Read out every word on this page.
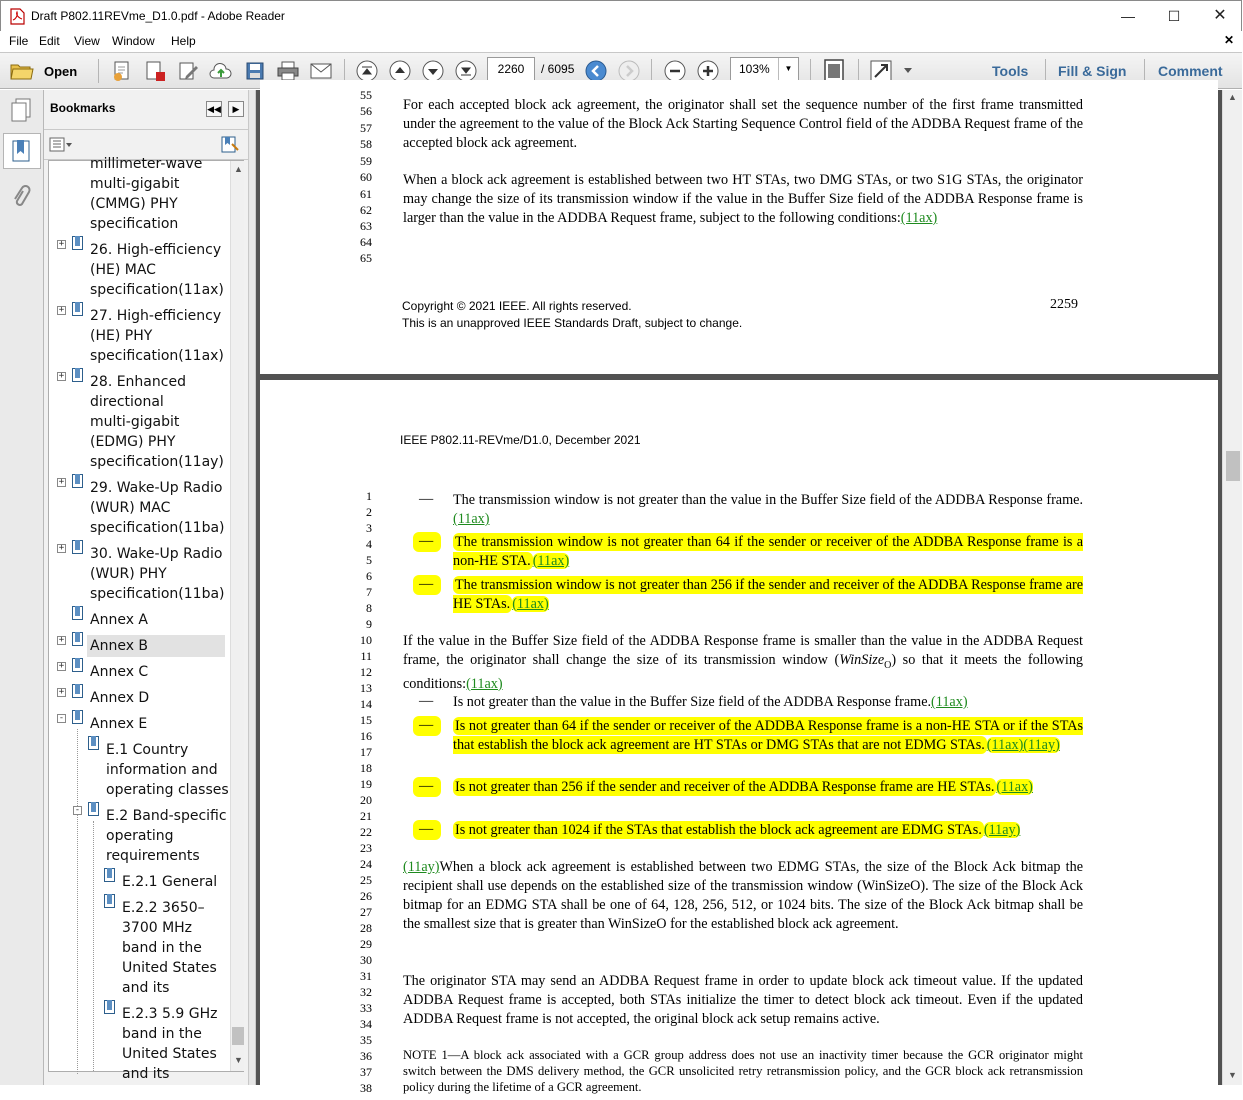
Draft P802.11REVme_D1.0.pdf - Adobe Reader	—	☐	✕
File Edit View Window Help	✕
Open	Tools Fill & Sign Comment
2260	/ 6095	103%	▼
Bookmarks	◀◀	▶
millimeter-wave
multi-gigabit
(CMMG) PHY
specification
+ 26. High-efficiency
(HE) MAC
specification(11ax)
+ 27. High-efficiency
(HE) PHY
specification(11ax)
+ 28. Enhanced
directional
multi-gigabit
(EDMG) PHY
specification(11ay)
+ 29. Wake-Up Radio
(WUR) MAC
specification(11ba)
+ 30. Wake-Up Radio
(WUR) PHY
specification(11ba)
Annex A
+ Annex B
+ Annex C
+ Annex D
- Annex E
E.1 Country
information and
operating classes
- E.2 Band-specific
operating
requirements
E.2.1 General
E.2.2 3650–
3700 MHz
band in the
United States
and its
E.2.3 5.9 GHz
band in the
United States
and its
▲
▼
55
56
57
58
59
60
61
62
63
64
65
For each accepted block ack agreement, the originator shall set the sequence number of the first frame transmitted under the agreement to the value of the Block Ack Starting Sequence Control field of the ADDBA Request frame of the accepted block ack agreement.
When a block ack agreement is established between two HT STAs, two DMG STAs, or two S1G STAs, the originator may change the size of its transmission window if the value in the Buffer Size field of the ADDBA Response frame is larger than the value in the ADDBA Request frame, subject to the following conditions:(11ax)
Copyright © 2021 IEEE. All rights reserved.
This is an unapproved IEEE Standards Draft, subject to change.
2259
IEEE P802.11-REVme/D1.0, December 2021
1
2
3
4
5
6
7
8
9
10
11
12
13
14
15
16
17
18
19
20
21
22
23
24
25
26
27
28
29
30
31
32
33
34
35
36
37
38
— The transmission window is not greater than the value in the Buffer Size field of the ADDBA Response frame.(11ax)
— The transmission window is not greater than 64 if the sender or receiver of the ADDBA Response frame is a non-HE STA. (11ax)
— The transmission window is not greater than 256 if the sender and receiver of the ADDBA Response frame are HE STAs. (11ax)
If the value in the Buffer Size field of the ADDBA Response frame is smaller than the value in the ADDBA Request frame, the originator shall change the size of its transmission window (WinSize$_O$) so that it meets the following conditions:(11ax)
— Is not greater than the value in the Buffer Size field of the ADDBA Response frame.(11ax)
— Is not greater than 64 if the sender or receiver of the ADDBA Response frame is a non-HE STA or if the STAs that establish the block ack agreement are HT STAs or DMG STAs that are not EDMG STAs. (11ax)(11ay)
— Is not greater than 256 if the sender and receiver of the ADDBA Response frame are HE STAs. (11ax)
— Is not greater than 1024 if the STAs that establish the block ack agreement are EDMG STAs. (11ay)
(11ay)When a block ack agreement is established between two EDMG STAs, the size of the Block Ack bitmap the recipient shall use depends on the established size of the transmission window (WinSizeO). The size of the Block Ack bitmap for an EDMG STA shall be one of 64, 128, 256, 512, or 1024 bits. The size of the Block Ack bitmap shall be the smallest size that is greater than WinSizeO for the established block ack agreement.
The originator STA may send an ADDBA Request frame in order to update block ack timeout value. If the updated ADDBA Request frame is accepted, both STAs initialize the timer to detect block ack timeout. Even if the updated ADDBA Request frame is not accepted, the original block ack setup remains active.
NOTE 1—A block ack associated with a GCR group address does not use an inactivity timer because the GCR originator might switch between the DMS delivery method, the GCR unsolicited retry retransmission policy, and the GCR block ack retransmission policy during the lifetime of a GCR agreement.
▲
▼
